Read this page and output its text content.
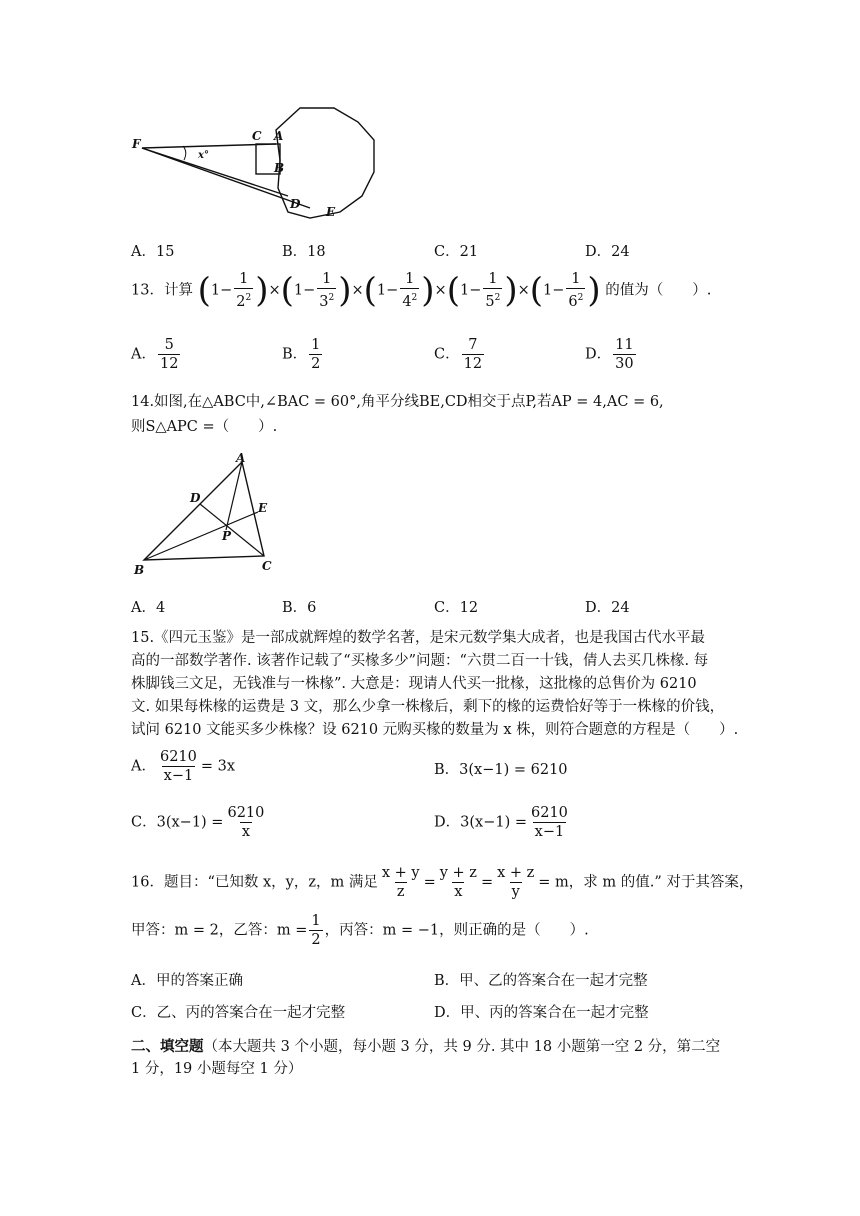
F
C A
B
D
E
x°
A．15	B．18	C．21	D．24
13．计算 $(1- \frac{1}{2^2} )\times(1- \frac{1}{3^2} )\times(1- \frac{1}{4^2} )\times(1- \frac{1}{5^2} )\times(1- \frac{1}{6^2}$ ) 的值为（　　）.
A． $\frac{5}{12}$	B． $\frac{1}{2}$	C． $\frac{7}{12}$	D． $\frac{11}{30}$
14.如图,在△ABC中,∠BAC = 60°,角平分线BE,CD相交于点P,若AP = 4,AC = 6,
则S△APC =（　　）.
A
B	C
D
E
P
A．4	B．6	C．12	D．24
15.《四元玉鉴》是一部成就辉煌的数学名著，是宋元数学集大成者，也是我国古代水平最
高的一部数学著作. 该著作记载了“买椽多少”问题：“六贯二百一十钱，倩人去买几株椽. 每
株脚钱三文足，无钱准与一株椽”. 大意是：现请人代买一批椽，这批椽的总售价为 6210
文. 如果每株椽的运费是 3 文，那么少拿一株椽后，剩下的椽的运费恰好等于一株椽的价钱，
试问 6210 文能买多少株椽？设 6210 元购买椽的数量为 x 株，则符合题意的方程是（　　）.
A． $\frac{6210}{x-1} = 3x$	B．3(x−1) = 6210
C．$3(x-1) = \frac{6210}{x}$	D．$3(x-1) = \frac{6210}{x-1}$
16．题目：“已知数 x，y，z，m 满足 $\frac{x + y}{z} = \frac{y + z}{x} = \frac{x + z}{y} = m$，求 m 的值.” 对于其答案，
甲答：m = 2，乙答：$m = \frac{1}{2}$ ，丙答：m = −1，则正确的是（　　）.
A．甲的答案正确	B．甲、乙的答案合在一起才完整
C．乙、丙的答案合在一起才完整	D．甲、丙的答案合在一起才完整
二、填空题（本大题共 3 个小题，每小题 3 分，共 9 分. 其中 18 小题第一空 2 分，第二空
1 分，19 小题每空 1 分）
